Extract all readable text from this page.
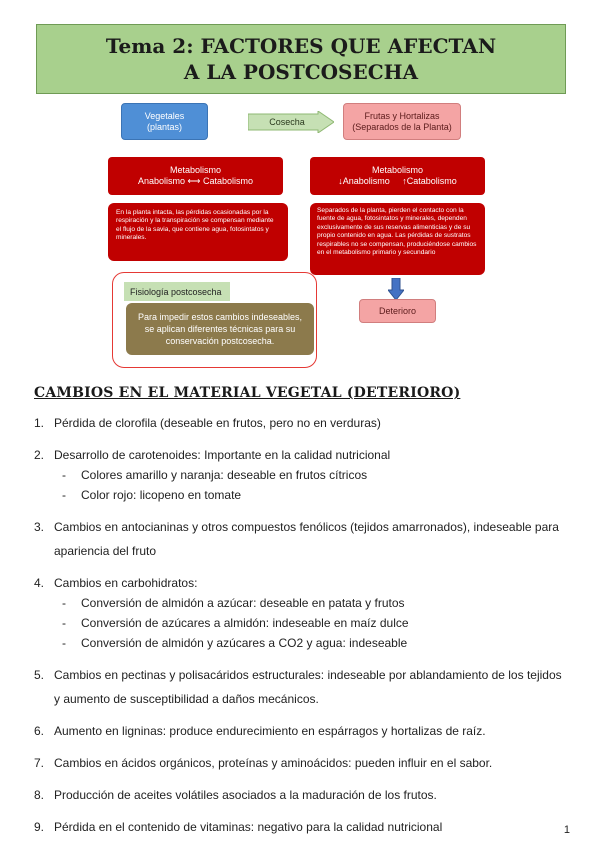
Tema 2: FACTORES QUE AFECTAN
A LA POSTCOSECHA
Vegetales
(plantas)	Cosecha
Frutas y Hortalizas
(Separados de la Planta)
Metabolismo
Anabolismo ⟷ Catabolismo
Metabolismo
↓Anabolismo     ↑Catabolismo
En la planta intacta, las pérdidas ocasionadas por la respiración y la transpiración se compensan mediante el flujo de la savia, que contiene agua, fotosintatos y minerales.
Separados de la planta, pierden el contacto con la fuente de agua, fotosintatos y minerales, dependen exclusivamente de sus reservas alimenticias y de su propio contenido en agua. Las pérdidas de sustratos respirables no se compensan, produciéndose cambios en el metabolismo primario y secundario
Fisiología postcosecha
Para impedir estos cambios indeseables, se aplican diferentes técnicas para su conservación postcosecha.
Deterioro
CAMBIOS EN EL MATERIAL VEGETAL (DETERIORO)
1. Pérdida de clorofila (deseable en frutos, pero no en verduras)
2. Desarrollo de carotenoides: Importante en la calidad nutricional
- Colores amarillo y naranja: deseable en frutos cítricos
- Color rojo: licopeno en tomate
3. Cambios en antocianinas y otros compuestos fenólicos (tejidos amarronados), indeseable para
apariencia del fruto
4. Cambios en carbohidratos:
- Conversión de almidón a azúcar: deseable en patata y frutos
- Conversión de azúcares a almidón: indeseable en maíz dulce
- Conversión de almidón y azúcares a CO2 y agua: indeseable
5. Cambios en pectinas y polisacáridos estructurales: indeseable por ablandamiento de los tejidos
y aumento de susceptibilidad a daños mecánicos.
6. Aumento en ligninas: produce endurecimiento en espárragos y hortalizas de raíz.
7. Cambios en ácidos orgánicos, proteínas y aminoácidos: pueden influir en el sabor.
8. Producción de aceites volátiles asociados a la maduración de los frutos.
9. Pérdida en el contenido de vitaminas: negativo para la calidad nutricional	1
